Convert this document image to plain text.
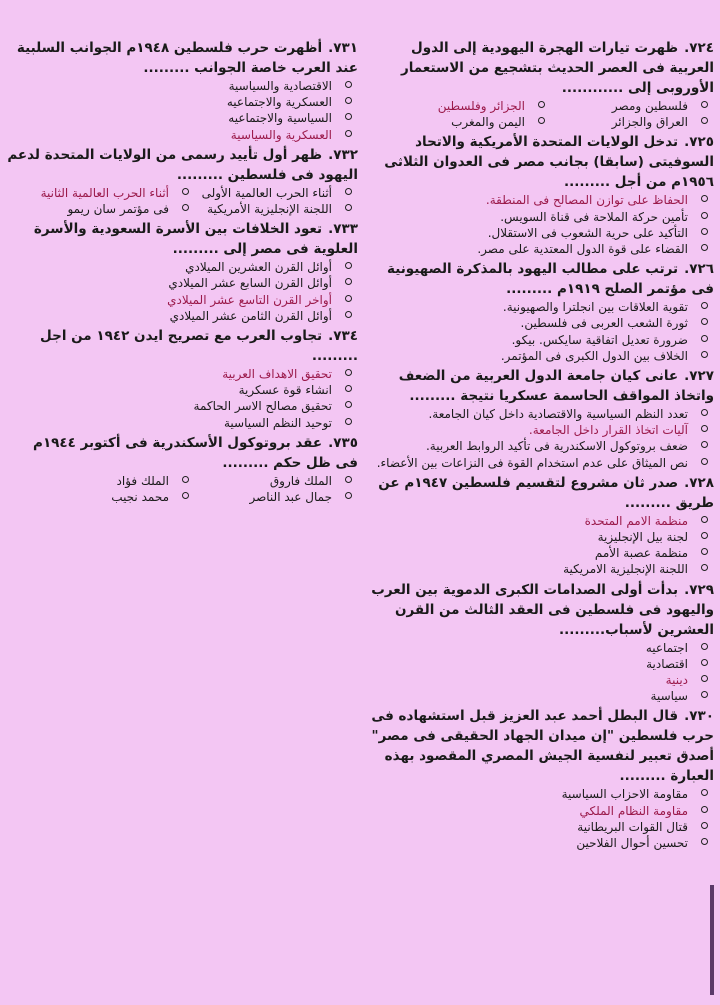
٧٢٤.ظهرت تيارات الهجرة اليهودية إلى الدول العربية فى العصر الحديث بتشجيع من الاستعمار الأوروبى إلى ............
فلسطين ومصر
الجزائر وفلسطين
العراق والجزائر
اليمن والمغرب
٧٢٥.تدخل الولايات المتحدة الأمريكية والاتحاد السوفيتى (سابقا) بجانب مصر فى العدوان الثلاثى ١٩٥٦م من أجل .........
الحفاظ على توازن المصالح فى المنطقة.
تأمين حركة الملاحة فى قناة السويس.
التأكيد على حرية الشعوب فى الاستقلال.
القضاء على قوة الدول المعتدية على مصر.
٧٢٦.ترتب على مطالب اليهود بالمذكرة الصهيونية فى مؤتمر الصلح ١٩١٩م .........
تقوية العلاقات بين انجلترا والصهيونية.
ثورة الشعب العربى فى فلسطين.
ضرورة تعديل اتفاقية سايكس. بيكو.
الخلاف بين الدول الكبرى فى المؤتمر.
٧٢٧.عانى كيان جامعة الدول العربية من الضعف واتخاذ المواقف الحاسمة عسكريا نتيجة .........
تعدد النظم السياسية والاقتصادية داخل كيان الجامعة.
آليات اتخاذ القرار داخل الجامعة.
ضعف بروتوكول الاسكندرية فى تأكيد الروابط العربية.
نص الميثاق على عدم استخدام القوة فى النزاعات بين الأعضاء.
٧٢٨.صدر ثان مشروع لتقسيم فلسطين ١٩٤٧م عن طريق .........
منظمة الامم المتحدة
لجنة بيل الإنجليزية
منظمة عصبة الأمم
اللجنة الإنجليزية الامريكية
٧٢٩.بدأت أولى الصدامات الكبرى الدموية بين العرب واليهود فى فلسطين فى العقد الثالث من القرن العشرين لأسباب.........
اجتماعيه
اقتصادية
دينية
سياسية
٧٣٠.قال البطل أحمد عبد العزيز قبل استشهاده فى حرب فلسطين "إن ميدان الجهاد الحقيقى فى مصر" أصدق تعبير لنفسية الجيش المصري المقصود بهذه العبارة .........
مقاومة الاحزاب السياسية
مقاومة النظام الملكي
قتال القوات البريطانية
تحسين أحوال الفلاحين
٧٣١.أظهرت حرب فلسطين ١٩٤٨م الجوانب السلبية عند العرب خاصة الجوانب .........
الاقتصادية والسياسية
العسكرية والاجتماعيه
السياسية والاجتماعيه
العسكرية والسياسية
٧٣٢.ظهر أول تأييد رسمى من الولايات المتحدة لدعم اليهود فى فلسطين .........
أثناء الحرب العالمية الأولى
أثناء الحرب العالمية الثانية
اللجنة الإنجليزية الأمريكية
فى مؤتمر سان ريمو
٧٣٣.تعود الخلافات بين الأسرة السعودية والأسرة العلوية فى مصر إلى .........
أوائل القرن العشرين الميلادي
أوائل القرن السابع عشر الميلادي
أواخر القرن التاسع عشر الميلادي
أوائل القرن الثامن عشر الميلادي
٧٣٤.تجاوب العرب مع تصريح ايدن ١٩٤٢ من اجل .........
تحقيق الاهداف العربية
انشاء قوة عسكرية
تحقيق مصالح الاسر الحاكمة
توحيد النظم السياسية
٧٣٥.عقد بروتوكول الأسكندرية فى أكتوبر ١٩٤٤م فى ظل حكم .........
الملك فاروق
الملك فؤاد
جمال عبد الناصر
محمد نجيب
